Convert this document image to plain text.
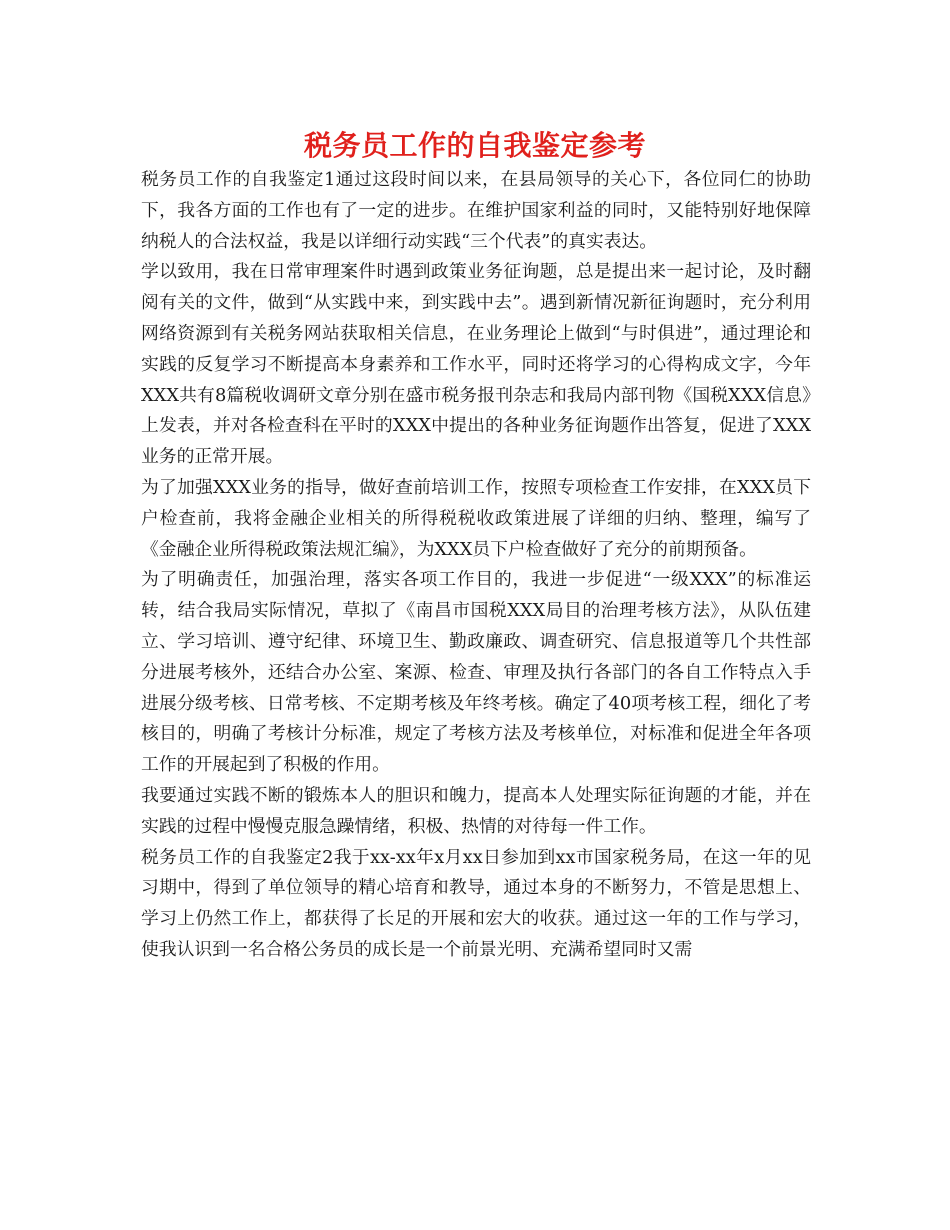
税务员工作的自我鉴定参考

税务员工作的自我鉴定1通过这段时间以来，在县局领导的关心下，各位同仁的协助下，我各方面的工作也有了一定的进步。在维护国家利益的同时，又能特别好地保障纳税人的合法权益，我是以详细行动实践“三个代表”的真实表达。

学以致用，我在日常审理案件时遇到政策业务征询题，总是提出来一起讨论，及时翻阅有关的文件，做到“从实践中来，到实践中去”。遇到新情况新征询题时，充分利用网络资源到有关税务网站获取相关信息，在业务理论上做到“与时俱进”，通过理论和实践的反复学习不断提高本身素养和工作水平，同时还将学习的心得构成文字，今年XXX共有8篇税收调研文章分别在盛市税务报刊杂志和我局内部刊物《国税XXX信息》上发表，并对各检查科在平时的XXX中提出的各种业务征询题作出答复，促进了XXX业务的正常开展。

为了加强XXX业务的指导，做好查前培训工作，按照专项检查工作安排，在XXX员下户检查前，我将金融企业相关的所得税税收政策进展了详细的归纳、整理，编写了《金融企业所得税政策法规汇编》，为XXX员下户检查做好了充分的前期预备。

为了明确责任，加强治理，落实各项工作目的，我进一步促进“一级XXX”的标准运转，结合我局实际情况，草拟了《南昌市国税XXX局目的治理考核方法》，从队伍建立、学习培训、遵守纪律、环境卫生、勤政廉政、调查研究、信息报道等几个共性部分进展考核外，还结合办公室、案源、检查、审理及执行各部门的各自工作特点入手进展分级考核、日常考核、不定期考核及年终考核。确定了40项考核工程，细化了考核目的，明确了考核计分标准，规定了考核方法及考核单位，对标准和促进全年各项工作的开展起到了积极的作用。

我要通过实践不断的锻炼本人的胆识和魄力，提高本人处理实际征询题的才能，并在实践的过程中慢慢克服急躁情绪，积极、热情的对待每一件工作。

税务员工作的自我鉴定2我于xx-xx年x月xx日参加到xx市国家税务局，在这一年的见习期中，得到了单位领导的精心培育和教导，通过本身的不断努力，不管是思想上、学习上仍然工作上，都获得了长足的开展和宏大的收获。通过这一年的工作与学习，使我认识到一名合格公务员的成长是一个前景光明、充满希望同时又需
